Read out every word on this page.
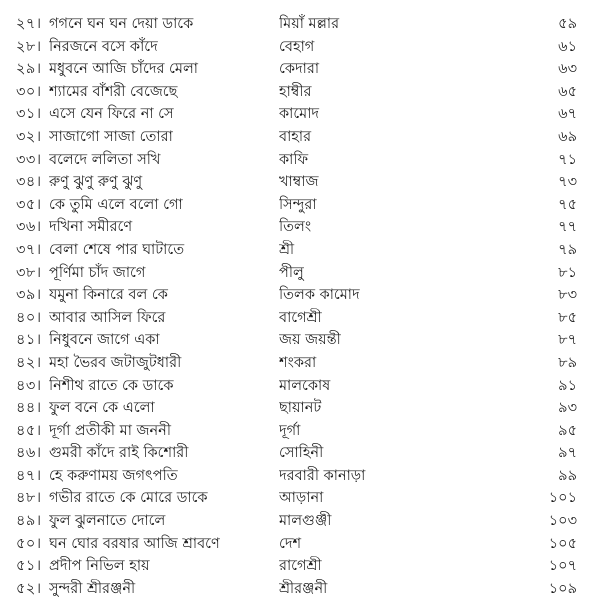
২৭। গগনে ঘন ঘন দেয়া ডাকে	মিয়াঁ মল্লার	৫৯
২৮। নিরজনে বসে কাঁদে	বেহাগ	৬১
২৯। মধুবনে আজি চাঁদের মেলা	কেদারা	৬৩
৩০। শ্যামের বাঁশরী বেজেছে	হাম্বীর	৬৫
৩১। এসে যেন ফিরে না সে	কামোদ	৬৭
৩২। সাজাগো সাজা তোরা	বাহার	৬৯
৩৩। বলেদে ললিতা সখি	কাফি	৭১
৩৪। রুণু ঝুণু রুণু ঝুণু	খাম্বাজ	৭৩
৩৫। কে তুমি এলে বলো গো	সিন্দুরা	৭৫
৩৬। দখিনা সমীরণে	তিলং	৭৭
৩৭। বেলা শেষে পার ঘাটাতে	শ্রী	৭৯
৩৮। পূর্ণিমা চাঁদ জাগে	পীলু	৮১
৩৯। যমুনা কিনারে বল কে	তিলক কামোদ	৮৩
৪০। আবার আসিল ফিরে	বাগেশ্রী	৮৫
৪১। নিধুবনে জাগে একা	জয় জয়ন্তী	৮৭
৪২। মহা ভৈরব জটাজুটধারী	শংকরা	৮৯
৪৩। নিশীথ রাতে কে ডাকে	মালকোষ	৯১
৪৪। ফুল বনে কে এলো	ছায়ানট	৯৩
৪৫। দূর্গা প্রতীকী মা জননী	দূর্গা	৯৫
৪৬। গুমরী কাঁদে রাই কিশোরী	সোহিনী	৯৭
৪৭। হে করুণাময় জগৎপতি	দরবারী কানাড়া	৯৯
৪৮। গভীর রাতে কে মোরে ডাকে	আড়ানা	১০১
৪৯। ফুল ঝুলনাতে দোলে	মালগুঞ্জী	১০৩
৫০। ঘন ঘোর বরষার আজি শ্রাবণে	দেশ	১০৫
৫১। প্রদীপ নিভিল হায়	রাগেশ্রী	১০৭
৫২। সুন্দরী শ্রীরঞ্জনী	শ্রীরঞ্জনী	১০৯
